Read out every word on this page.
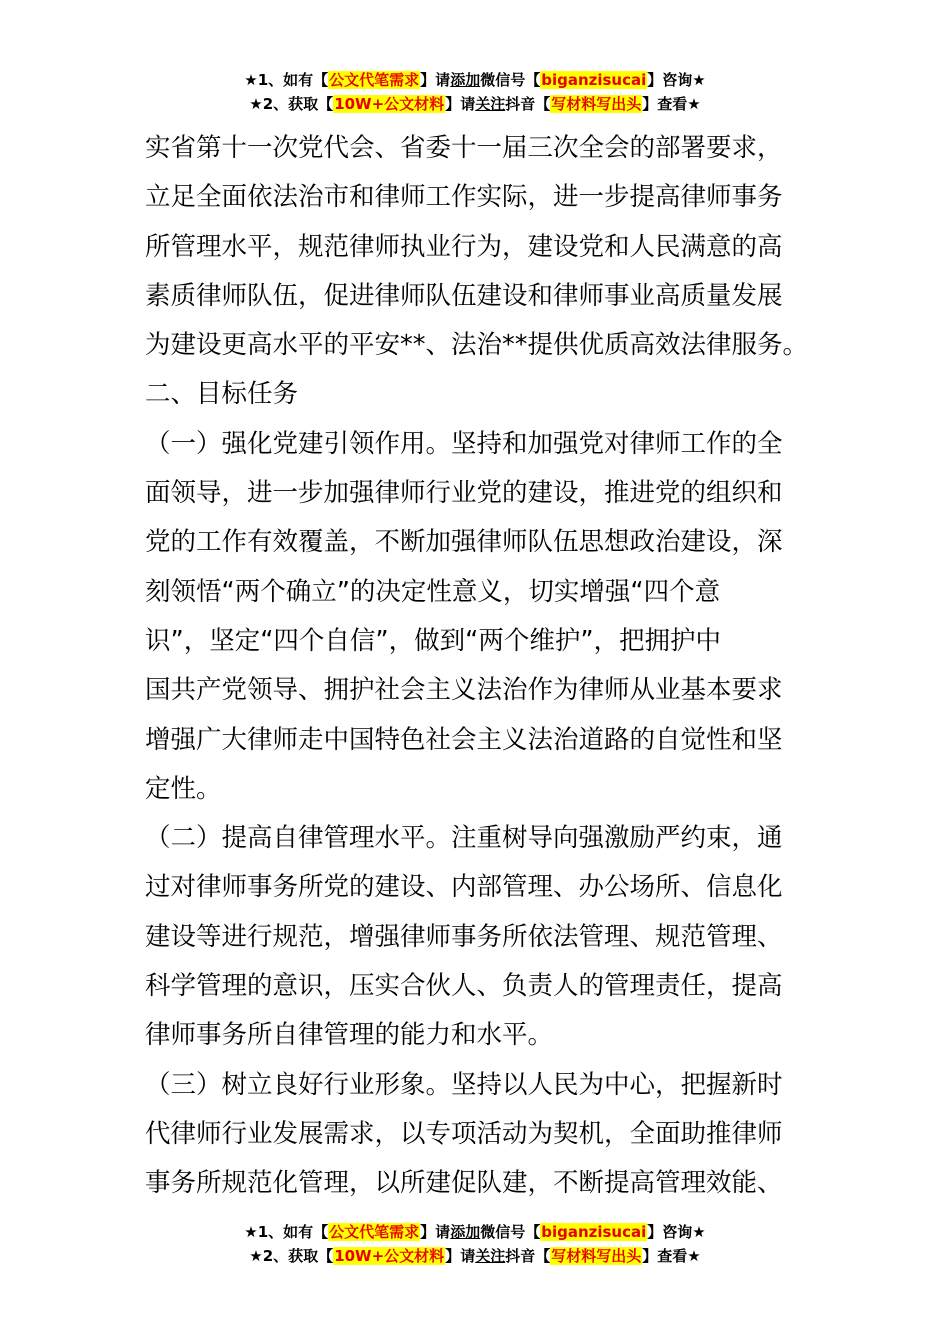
★1、如有【公文代笔需求】请添加微信号【biganzisucai】咨询★
★2、获取【10W+公文材料】请关注抖音【写材料写出头】查看★
实省第十一次党代会、省委十一届三次全会的部署要求，
立足全面依法治市和律师工作实际，进一步提高律师事务
所管理水平，规范律师执业行为，建设党和人民满意的高
素质律师队伍，促进律师队伍建设和律师事业高质量发展
为建设更高水平的平安**、法治**提供优质高效法律服务。
二、目标任务
（一）强化党建引领作用。坚持和加强党对律师工作的全
面领导，进一步加强律师行业党的建设，推进党的组织和
党的工作有效覆盖，不断加强律师队伍思想政治建设，深
刻领悟“两个确立”的决定性意义，切实增强“四个意
识”，坚定“四个自信”，做到“两个维护”，把拥护中
国共产党领导、拥护社会主义法治作为律师从业基本要求
增强广大律师走中国特色社会主义法治道路的自觉性和坚
定性。
（二）提高自律管理水平。注重树导向强激励严约束，通
过对律师事务所党的建设、内部管理、办公场所、信息化
建设等进行规范，增强律师事务所依法管理、规范管理、
科学管理的意识，压实合伙人、负责人的管理责任，提高
律师事务所自律管理的能力和水平。
（三）树立良好行业形象。坚持以人民为中心，把握新时
代律师行业发展需求，以专项活动为契机，全面助推律师
事务所规范化管理，以所建促队建，不断提高管理效能、
★1、如有【公文代笔需求】请添加微信号【biganzisucai】咨询★
★2、获取【10W+公文材料】请关注抖音【写材料写出头】查看★
